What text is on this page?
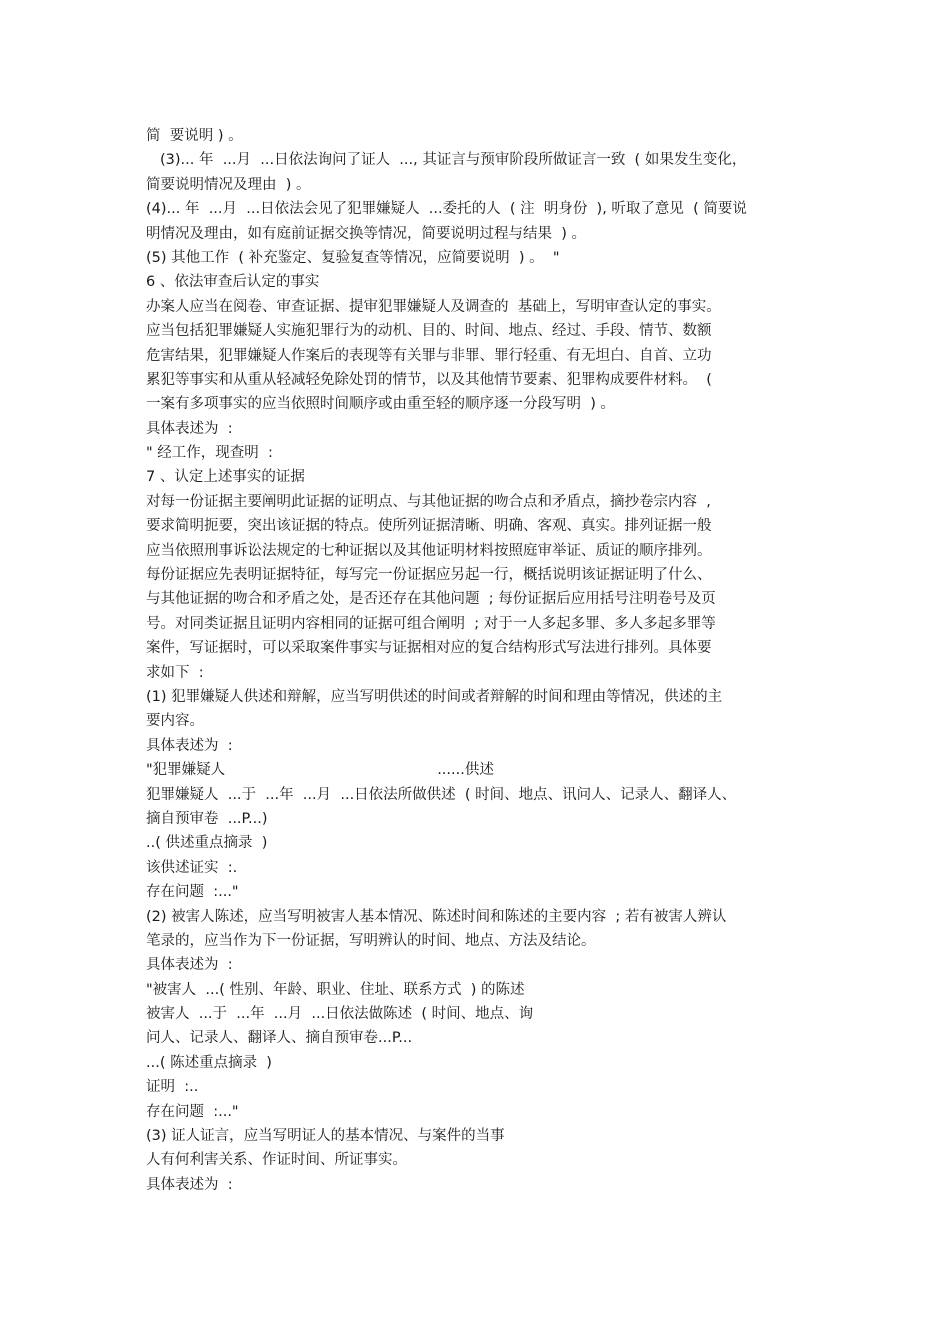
简  要说明 ) 。
(3)... 年  ...月  ...日依法询问了证人  ..., 其证言与预审阶段所做证言一致  ( 如果发生变化，
简要说明情况及理由  ) 。
(4)... 年  ...月  ...日依法会见了犯罪嫌疑人  ...委托的人  ( 注  明身份  ), 听取了意见  ( 简要说
明情况及理由，如有庭前证据交换等情况，简要说明过程与结果  ) 。
(5) 其他工作  ( 补充鉴定、复验复查等情况，应简要说明  ) 。  "
6 、依法审查后认定的事实
办案人应当在阅卷、审查证据、提审犯罪嫌疑人及调查的  基础上，写明审查认定的事实。
应当包括犯罪嫌疑人实施犯罪行为的动机、目的、时间、地点、经过、手段、情节、数额
危害结果，犯罪嫌疑人作案后的表现等有关罪与非罪、罪行轻重、有无坦白、自首、立功
累犯等事实和从重从轻减轻免除处罚的情节，以及其他情节要素、犯罪构成要件材料。  (
一案有多项事实的应当依照时间顺序或由重至轻的顺序逐一分段写明  ) 。
具体表述为  :
" 经工作，现查明  :
7 、认定上述事实的证据
对每一份证据主要阐明此证据的证明点、与其他证据的吻合点和矛盾点，摘抄卷宗内容  ,
要求简明扼要，突出该证据的特点。使所列证据清晰、明确、客观、真实。排列证据一般
应当依照刑事诉讼法规定的七种证据以及其他证明材料按照庭审举证、质证的顺序排列。
每份证据应先表明证据特征，每写完一份证据应另起一行，概括说明该证据证明了什么、
与其他证据的吻合和矛盾之处，是否还存在其他问题  ; 每份证据后应用括号注明卷号及页
号。对同类证据且证明内容相同的证据可组合阐明  ; 对于一人多起多罪、多人多起多罪等
案件，写证据时，可以采取案件事实与证据相对应的复合结构形式写法进行排列。具体要
求如下  :
(1) 犯罪嫌疑人供述和辩解，应当写明供述的时间或者辩解的时间和理由等情况，供述的主
要内容。
具体表述为  :
"犯罪嫌疑人                                              ......供述
犯罪嫌疑人  ...于  ...年  ...月  ...日依法所做供述  ( 时间、地点、讯问人、记录人、翻译人、
摘自预审卷  ...P...)
..( 供述重点摘录  )
该供述证实  :.
存在问题  :..."
(2) 被害人陈述，应当写明被害人基本情况、陈述时间和陈述的主要内容  ; 若有被害人辨认
笔录的，应当作为下一份证据，写明辨认的时间、地点、方法及结论。
具体表述为  :
"被害人  ...( 性别、年龄、职业、住址、联系方式  ) 的陈述
被害人  ...于  ...年  ...月  ...日依法做陈述  ( 时间、地点、询
问人、记录人、翻译人、摘自预审卷...P...
...( 陈述重点摘录  )
证明  :..
存在问题  :..."
(3) 证人证言，应当写明证人的基本情况、与案件的当事
人有何利害关系、作证时间、所证事实。
具体表述为  :
